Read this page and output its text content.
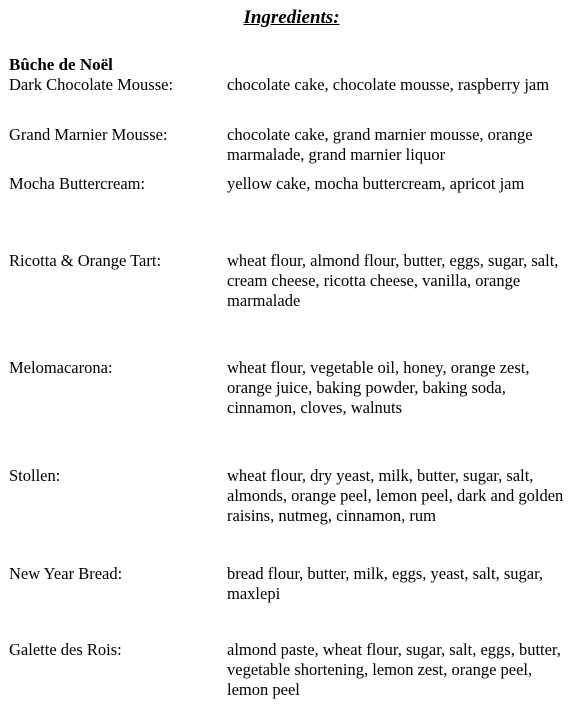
Ingredients:
Bûche de Noël
Dark Chocolate Mousse:	chocolate cake, chocolate mousse, raspberry jam
Grand Marnier Mousse:	chocolate cake, grand marnier mousse, orange marmalade, grand marnier liquor
Mocha Buttercream:	yellow cake, mocha buttercream, apricot jam
Ricotta & Orange Tart:	wheat flour, almond flour, butter, eggs, sugar, salt, cream cheese, ricotta cheese, vanilla, orange marmalade
Melomacarona:	wheat flour, vegetable oil, honey, orange zest, orange juice, baking powder, baking soda, cinnamon, cloves, walnuts
Stollen:	wheat flour, dry yeast, milk, butter, sugar, salt, almonds, orange peel, lemon peel, dark and golden raisins, nutmeg, cinnamon, rum
New Year Bread:	bread flour, butter, milk, eggs, yeast, salt, sugar, maxlepi
Galette des Rois:	almond paste, wheat flour, sugar, salt, eggs, butter, vegetable shortening, lemon zest, orange peel, lemon peel
